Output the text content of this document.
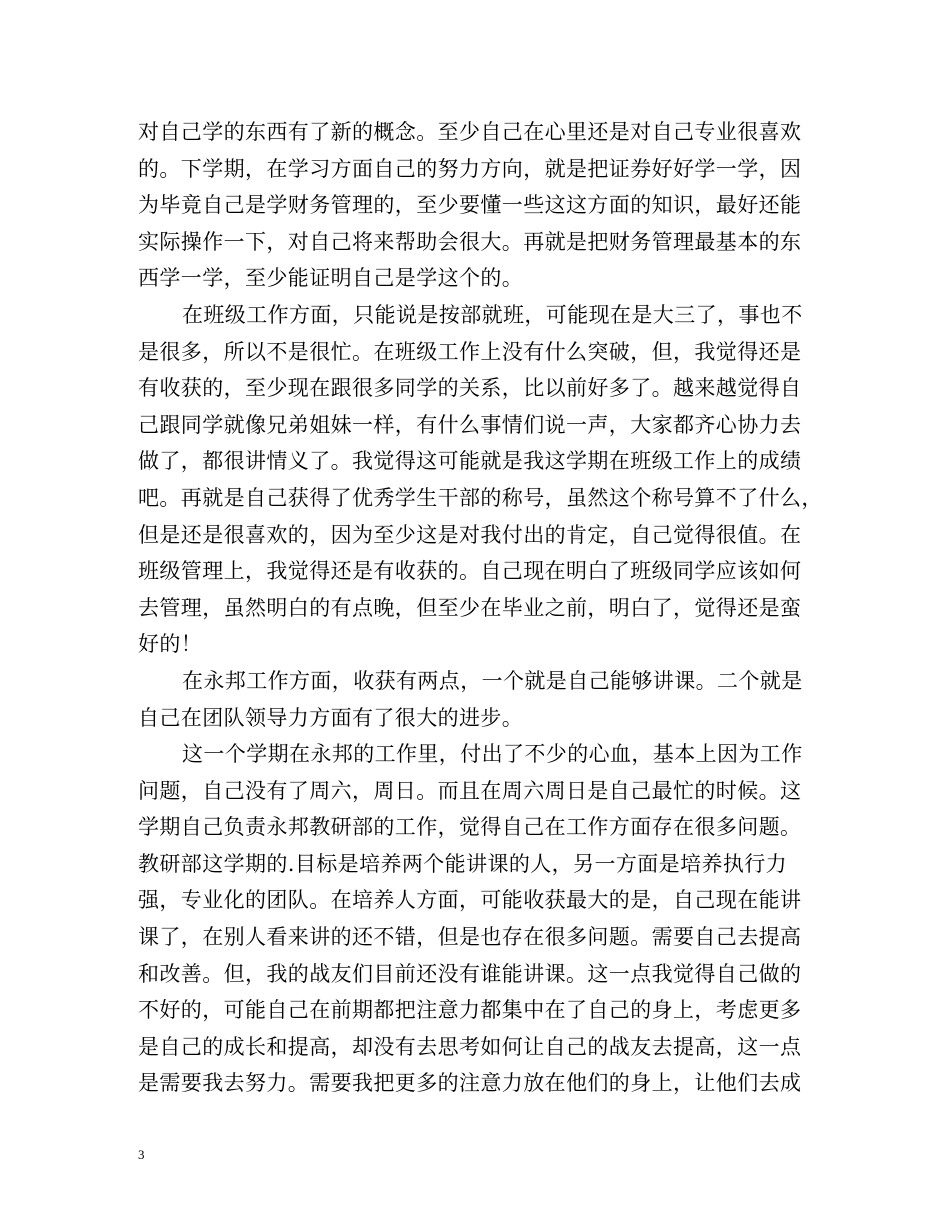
对自己学的东西有了新的概念。至少自己在心里还是对自己专业很喜欢
的。下学期，在学习方面自己的努力方向，就是把证券好好学一学，因
为毕竟自己是学财务管理的，至少要懂一些这这方面的知识，最好还能
实际操作一下，对自己将来帮助会很大。再就是把财务管理最基本的东
西学一学，至少能证明自己是学这个的。
在班级工作方面，只能说是按部就班，可能现在是大三了，事也不
是很多，所以不是很忙。在班级工作上没有什么突破，但，我觉得还是
有收获的，至少现在跟很多同学的关系，比以前好多了。越来越觉得自
己跟同学就像兄弟姐妹一样，有什么事情们说一声，大家都齐心协力去
做了，都很讲情义了。我觉得这可能就是我这学期在班级工作上的成绩
吧。再就是自己获得了优秀学生干部的称号，虽然这个称号算不了什么，
但是还是很喜欢的，因为至少这是对我付出的肯定，自己觉得很值。在
班级管理上，我觉得还是有收获的。自己现在明白了班级同学应该如何
去管理，虽然明白的有点晚，但至少在毕业之前，明白了，觉得还是蛮
好的！
在永邦工作方面，收获有两点，一个就是自己能够讲课。二个就是
自己在团队领导力方面有了很大的进步。
这一个学期在永邦的工作里，付出了不少的心血，基本上因为工作
问题，自己没有了周六，周日。而且在周六周日是自己最忙的时候。这
学期自己负责永邦教研部的工作，觉得自己在工作方面存在很多问题。
教研部这学期的.目标是培养两个能讲课的人，另一方面是培养执行力
强，专业化的团队。在培养人方面，可能收获最大的是，自己现在能讲
课了，在别人看来讲的还不错，但是也存在很多问题。需要自己去提高
和改善。但，我的战友们目前还没有谁能讲课。这一点我觉得自己做的
不好的，可能自己在前期都把注意力都集中在了自己的身上，考虑更多
是自己的成长和提高，却没有去思考如何让自己的战友去提高，这一点
是需要我去努力。需要我把更多的注意力放在他们的身上，让他们去成
3
